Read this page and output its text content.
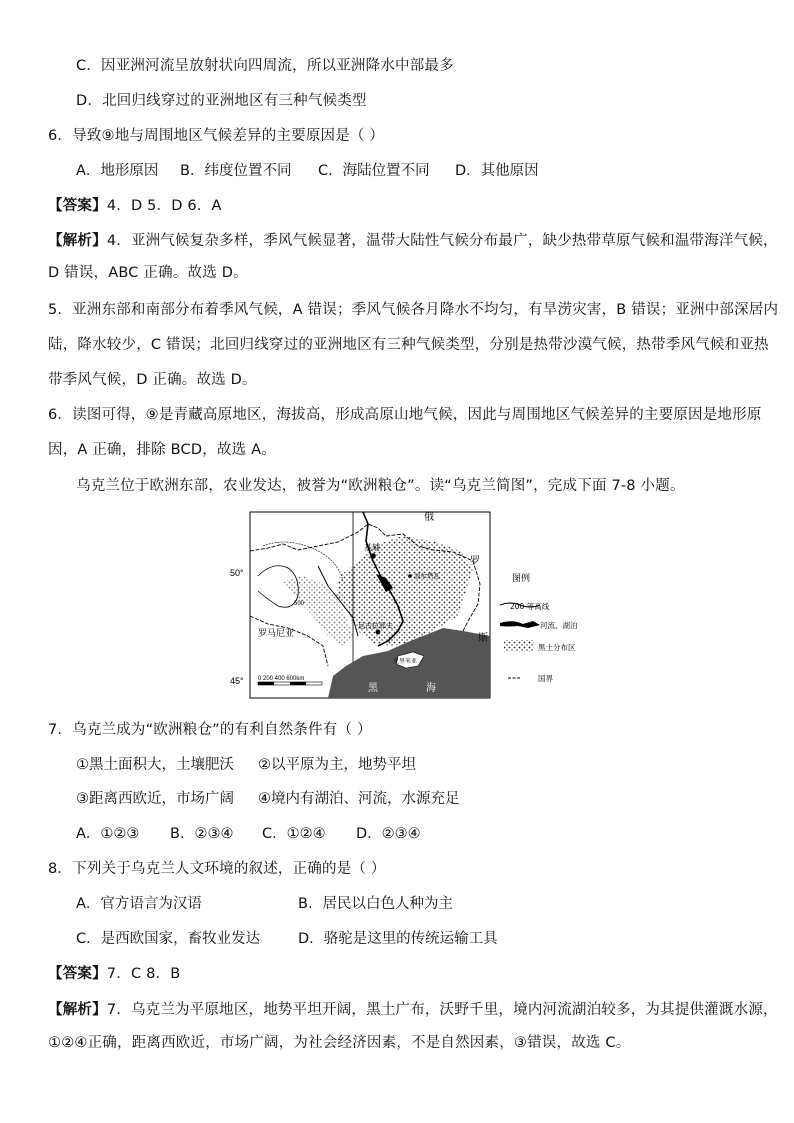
C．因亚洲河流呈放射状向四周流，所以亚洲降水中部最多
D．北回归线穿过的亚洲地区有三种气候类型
6．导致⑨地与周围地区气候差异的主要原因是（ ）
A．地形原因 B．纬度位置不同 C．海陆位置不同 D．其他原因
【答案】4．D 5．D 6．A
【解析】4．亚洲气候复杂多样，季风气候显著，温带大陆性气候分布最广，缺少热带草原气候和温带海洋气候，
D 错误，ABC 正确。故选 D。
5．亚洲东部和南部分布着季风气候，A 错误；季风气候各月降水不均匀，有旱涝灾害，B 错误；亚洲中部深居内
陆，降水较少，C 错误；北回归线穿过的亚洲地区有三种气候类型，分别是热带沙漠气候，热带季风气候和亚热
带季风气候，D 正确。故选 D。
6．读图可得，⑨是青藏高原地区，海拔高，形成高原山地气候，因此与周围地区气候差异的主要原因是地形原
因，A 正确，排除 BCD，故选 A。
乌克兰位于欧洲东部，农业发达，被誉为“欧洲粮仓”。读“乌克兰简图”，完成下面 7-8 小题。
50°
45°
俄
罗
斯
基辅
罗马尼亚
尼古拉耶夫
波尔塔瓦
克里米亚
黑	海
500
0 200 400 600km
图例
200 等高线
河流、湖泊
黑土分布区
国界
7．乌克兰成为“欧洲粮仓”的有利自然条件有（ ）
①黑土面积大，土壤肥沃 ②以平原为主，地势平坦
③距离西欧近，市场广阔 ④境内有湖泊、河流，水源充足
A．①②③ B．②③④ C．①②④ D．②③④
8．下列关于乌克兰人文环境的叙述，正确的是（ ）
A．官方语言为汉语	B．居民以白色人种为主
C．是西欧国家，畜牧业发达	D．骆驼是这里的传统运输工具
【答案】7．C 8．B
【解析】7．乌克兰为平原地区，地势平坦开阔，黑土广布，沃野千里，境内河流湖泊较多，为其提供灌溉水源，
①②④正确，距离西欧近，市场广阔，为社会经济因素，不是自然因素，③错误，故选 C。
